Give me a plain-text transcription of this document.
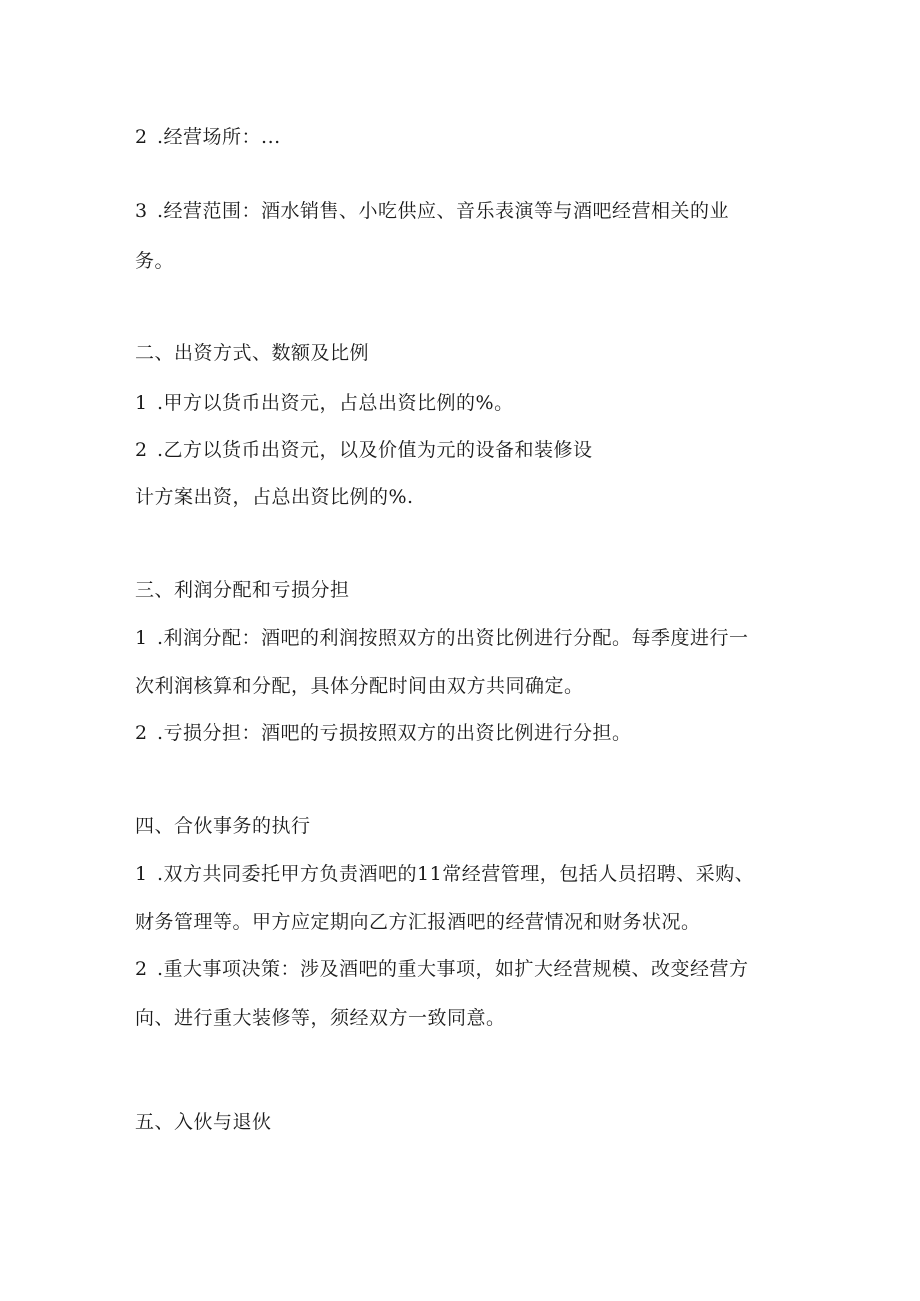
2 .经营场所：...
3 .经营范围：酒水销售、小吃供应、音乐表演等与酒吧经营相关的业
务。
二、出资方式、数额及比例
1 .甲方以货币出资元，占总出资比例的%。
2 .乙方以货币出资元，以及价值为元的设备和装修设
计方案出资，占总出资比例的%.
三、利润分配和亏损分担
1 .利润分配：酒吧的利润按照双方的出资比例进行分配。每季度进行一
次利润核算和分配，具体分配时间由双方共同确定。
2 .亏损分担：酒吧的亏损按照双方的出资比例进行分担。
四、合伙事务的执行
1 .双方共同委托甲方负责酒吧的11常经营管理，包括人员招聘、采购、
财务管理等。甲方应定期向乙方汇报酒吧的经营情况和财务状况。
2 .重大事项决策：涉及酒吧的重大事项，如扩大经营规模、改变经营方
向、进行重大装修等，须经双方一致同意。
五、入伙与退伙
